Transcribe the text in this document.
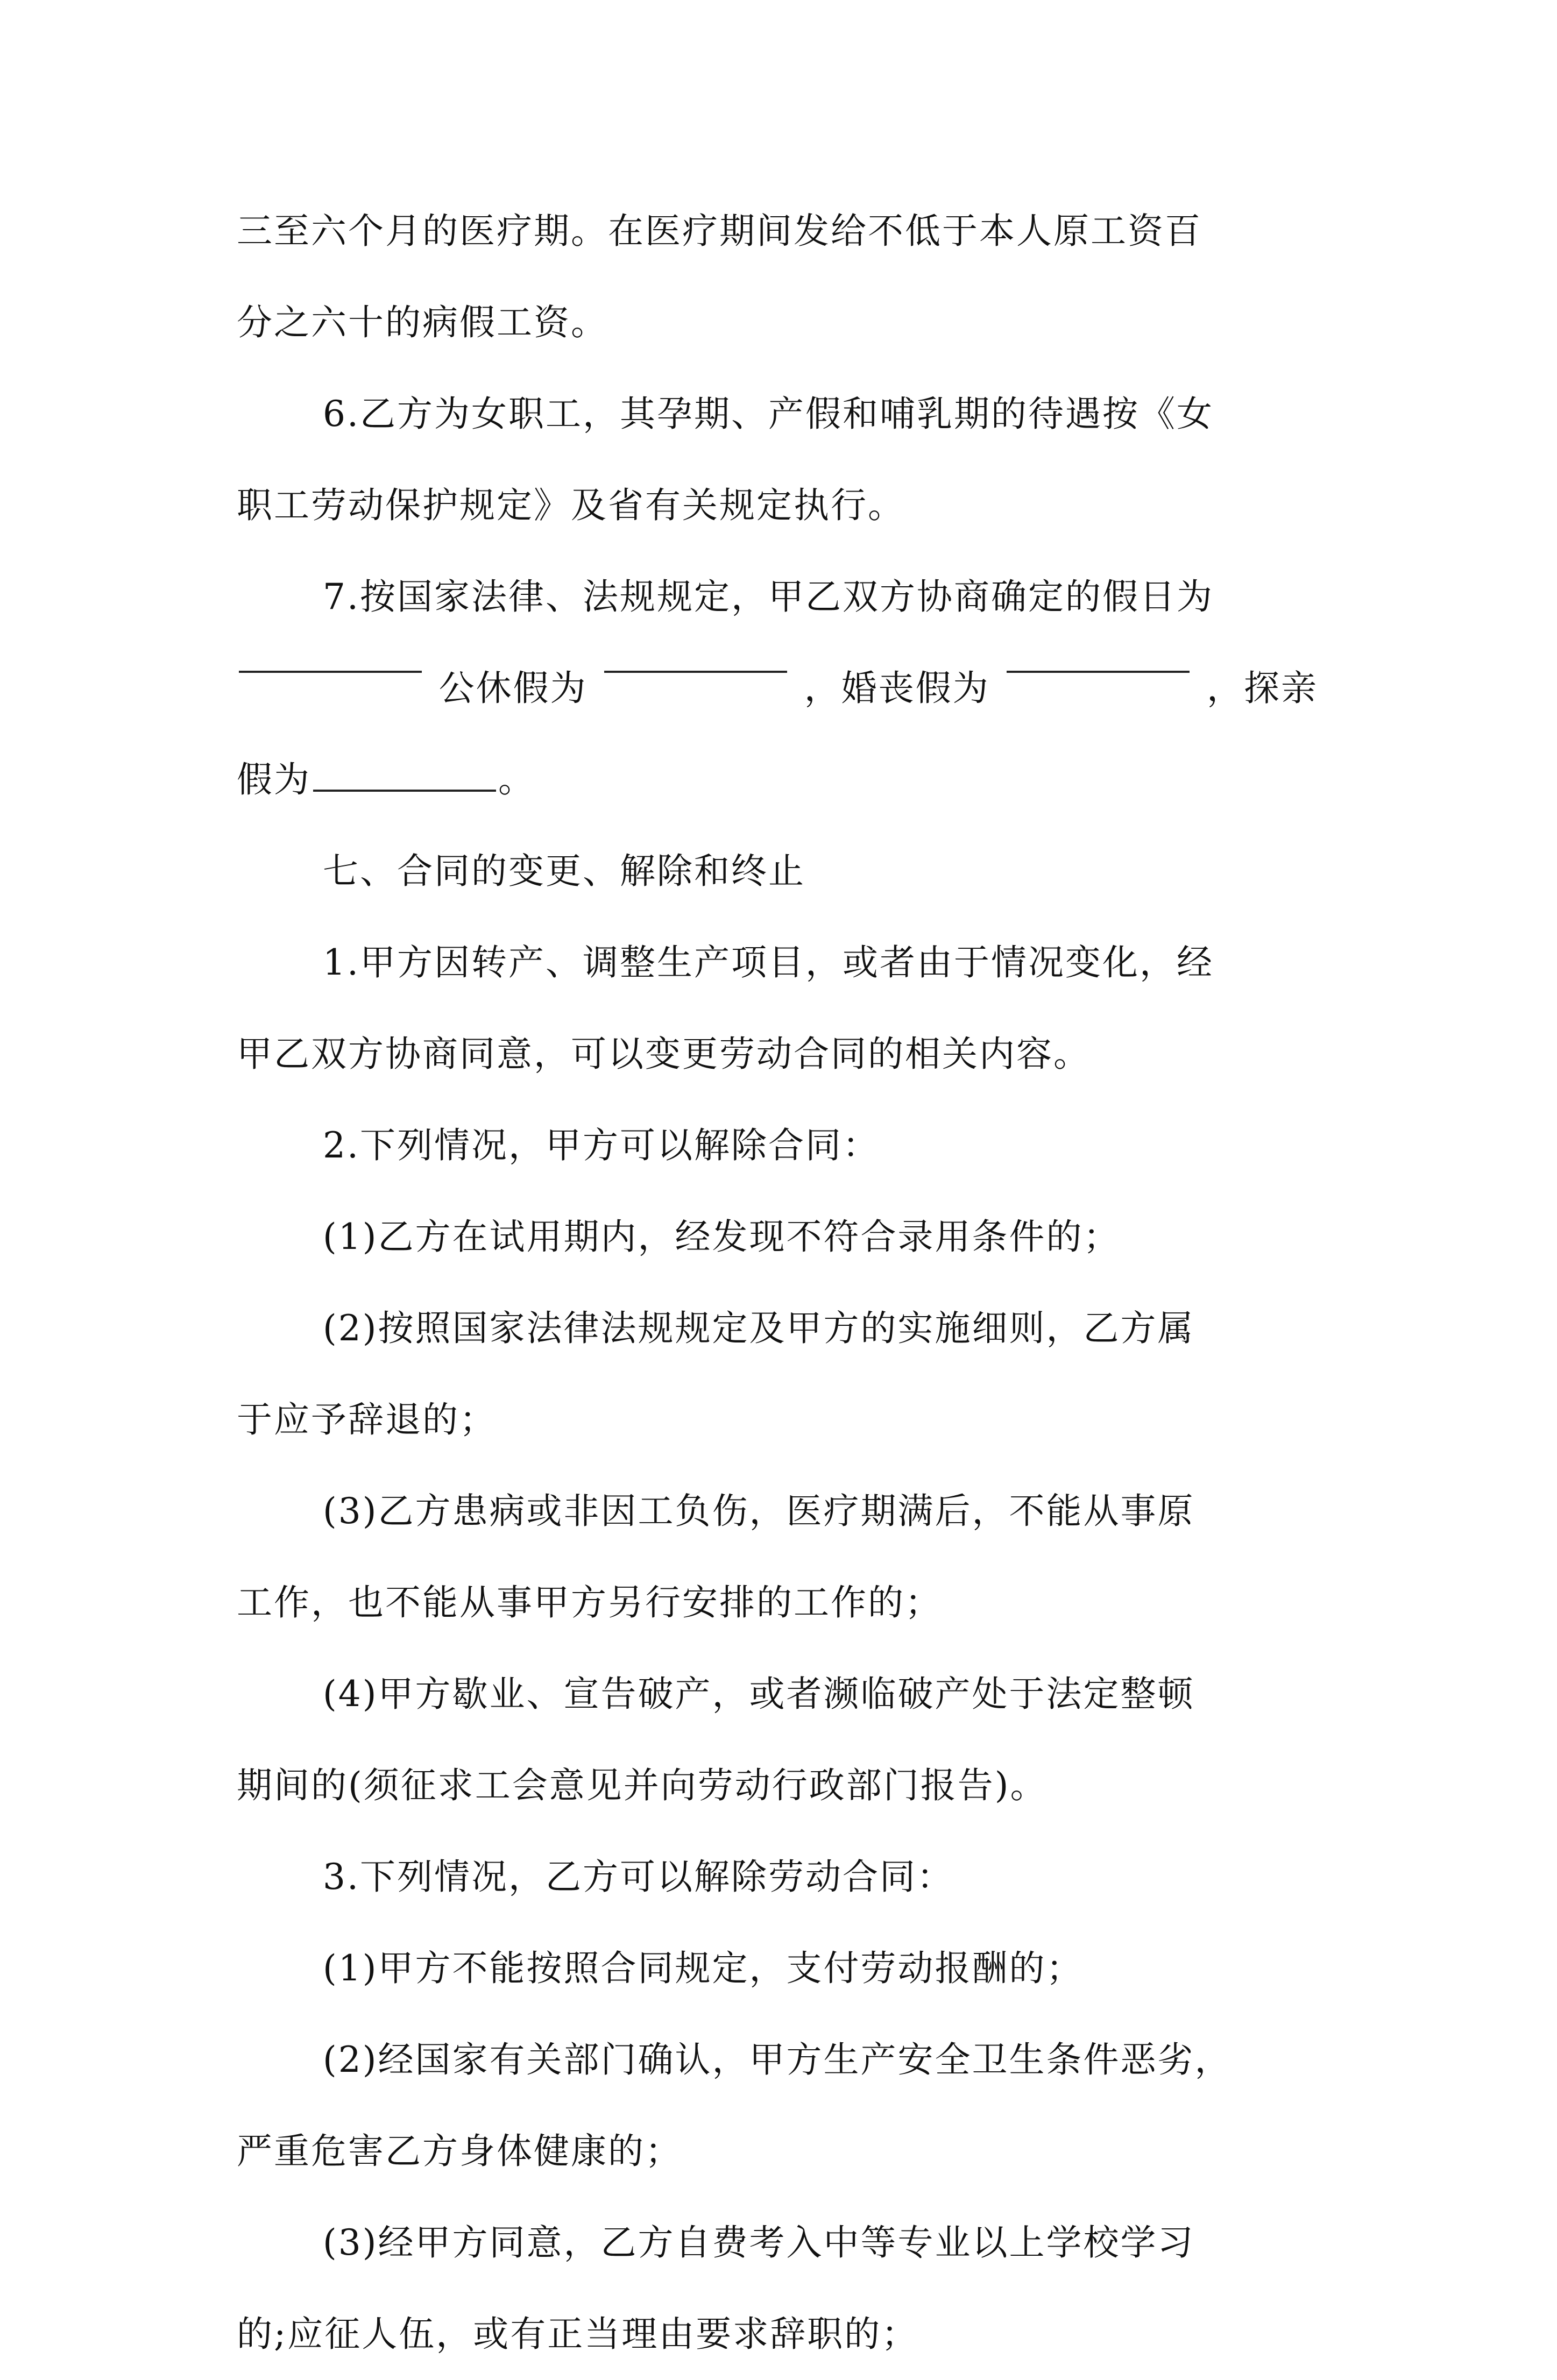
三至六个月的医疗期。在医疗期间发给不低于本人原工资百
分之六十的病假工资。
6.乙方为女职工，其孕期、产假和哺乳期的待遇按《女
职工劳动保护规定》及省有关规定执行。
7.按国家法律、法规规定，甲乙双方协商确定的假日为
公休假为	，婚丧假为	，探亲
假为	。
七、合同的变更、解除和终止
1.甲方因转产、调整生产项目，或者由于情况变化，经
甲乙双方协商同意，可以变更劳动合同的相关内容。
2.下列情况，甲方可以解除合同：
(1)乙方在试用期内，经发现不符合录用条件的；
(2)按照国家法律法规规定及甲方的实施细则，乙方属
于应予辞退的；
(3)乙方患病或非因工负伤，医疗期满后，不能从事原
工作，也不能从事甲方另行安排的工作的；
(4)甲方歇业、宣告破产，或者濒临破产处于法定整顿
期间的(须征求工会意见并向劳动行政部门报告)。
3.下列情况，乙方可以解除劳动合同：
(1)甲方不能按照合同规定，支付劳动报酬的；
(2)经国家有关部门确认，甲方生产安全卫生条件恶劣，
严重危害乙方身体健康的；
(3)经甲方同意，乙方自费考入中等专业以上学校学习
的;应征人伍，或有正当理由要求辞职的；
